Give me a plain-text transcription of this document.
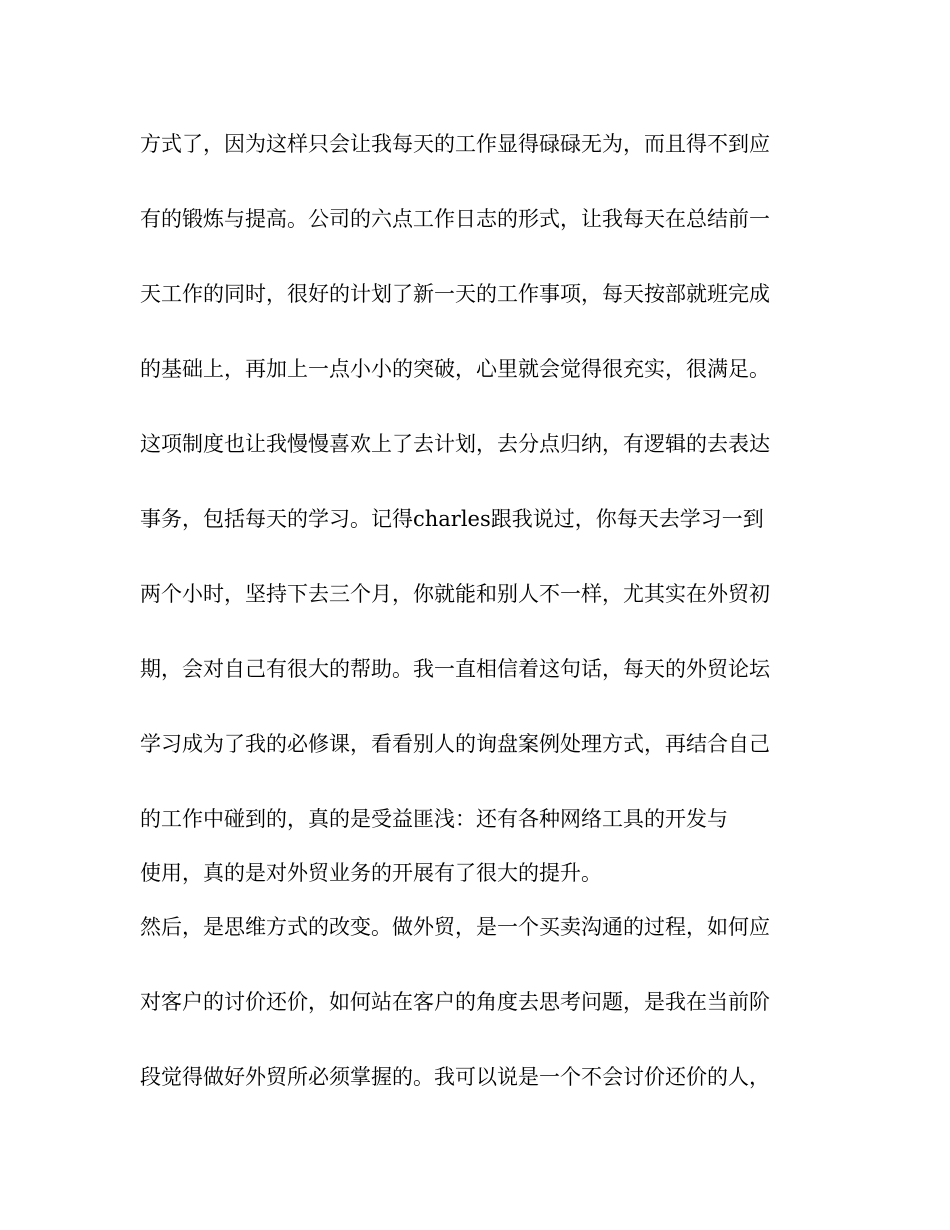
方式了，因为这样只会让我每天的工作显得碌碌无为，而且得不到应
有的锻炼与提高。公司的六点工作日志的形式，让我每天在总结前一
天工作的同时，很好的计划了新一天的工作事项，每天按部就班完成
的基础上，再加上一点小小的突破，心里就会觉得很充实，很满足。
这项制度也让我慢慢喜欢上了去计划，去分点归纳，有逻辑的去表达
事务，包括每天的学习。记得charles跟我说过，你每天去学习一到
两个小时，坚持下去三个月，你就能和别人不一样，尤其实在外贸初
期，会对自己有很大的帮助。我一直相信着这句话，每天的外贸论坛
学习成为了我的必修课，看看别人的询盘案例处理方式，再结合自己
的工作中碰到的，真的是受益匪浅：还有各种网络工具的开发与
使用，真的是对外贸业务的开展有了很大的提升。
然后，是思维方式的改变。做外贸，是一个买卖沟通的过程，如何应
对客户的讨价还价，如何站在客户的角度去思考问题，是我在当前阶
段觉得做好外贸所必须掌握的。我可以说是一个不会讨价还价的人，
